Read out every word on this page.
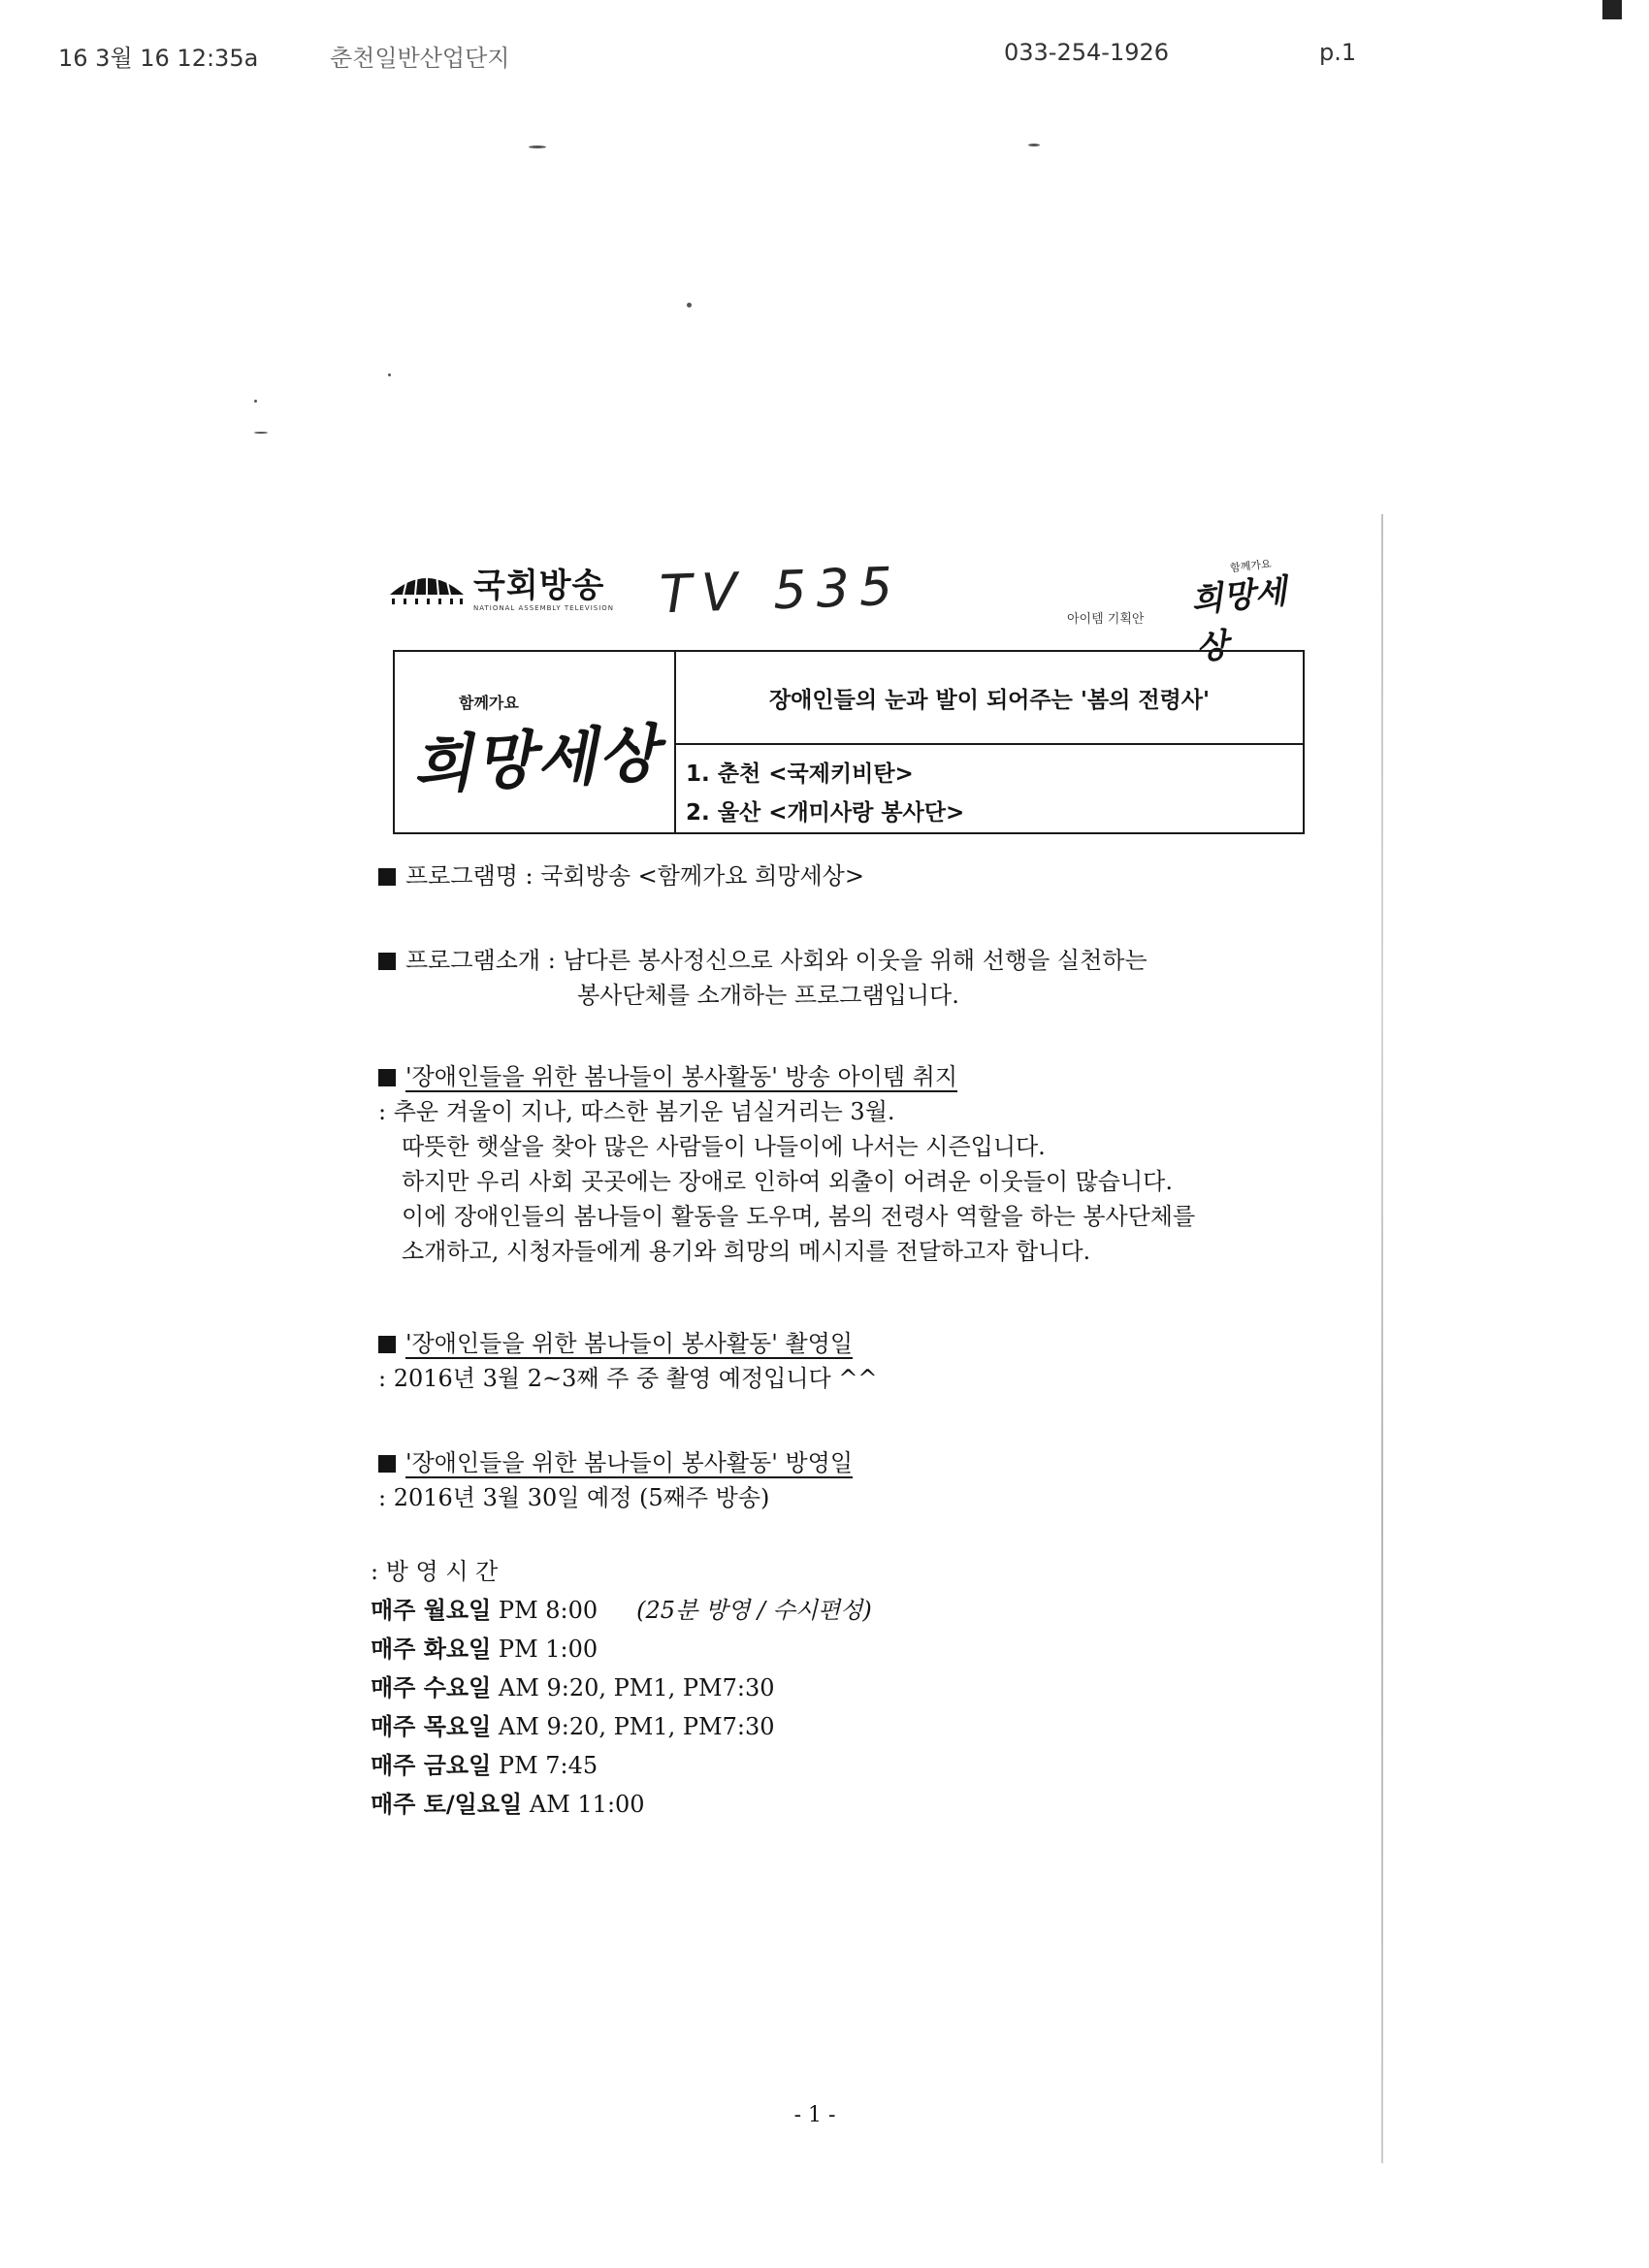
16 3월 16 12:35a	춘천일반산업단지	033-254-1926	p.1
국회방송
NATIONAL ASSEMBLY TELEVISION TV 535	아이템 기획안
함께가요
희망세상
함께가요
희망세상
장애인들의 눈과 발이 되어주는 '봄의 전령사'
1. 춘천 <국제키비탄>
2. 울산 <개미사랑 봉사단>
프로그램명 : 국회방송 <함께가요 희망세상>
프로그램소개 : 남다른 봉사정신으로 사회와 이웃을 위해 선행을 실천하는
봉사단체를 소개하는 프로그램입니다.
'장애인들을 위한 봄나들이 봉사활동' 방송 아이템 취지
: 추운 겨울이 지나, 따스한 봄기운 넘실거리는 3월.
따뜻한 햇살을 찾아 많은 사람들이 나들이에 나서는 시즌입니다.
하지만 우리 사회 곳곳에는 장애로 인하여 외출이 어려운 이웃들이 많습니다.
이에 장애인들의 봄나들이 활동을 도우며, 봄의 전령사 역할을 하는 봉사단체를
소개하고, 시청자들에게 용기와 희망의 메시지를 전달하고자 합니다.
'장애인들을 위한 봄나들이 봉사활동' 촬영일
: 2016년 3월 2~3째 주 중 촬영 예정입니다 ^^
'장애인들을 위한 봄나들이 봉사활동' 방영일
: 2016년 3월 30일 예정 (5째주 방송)
: 방 영 시 간
매주 월요일 PM 8:00 (25분 방영 / 수시편성)
매주 화요일 PM 1:00
매주 수요일 AM 9:20, PM1, PM7:30
매주 목요일 AM 9:20, PM1, PM7:30
매주 금요일 PM 7:45
매주 토/일요일 AM 11:00
- 1 -
